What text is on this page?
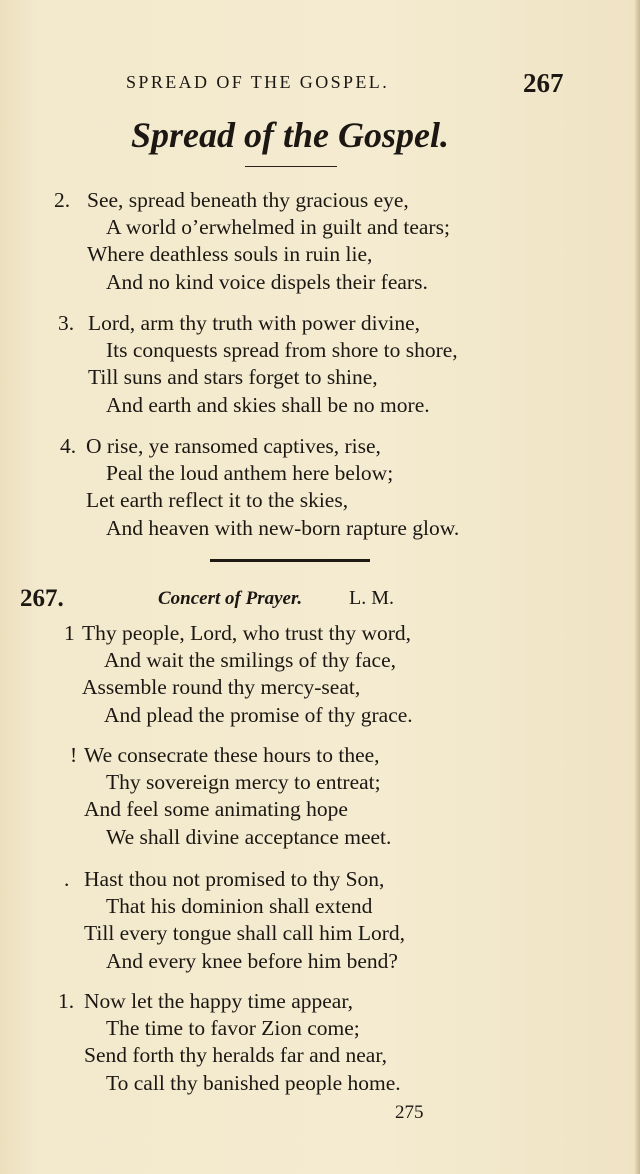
SPREAD OF THE GOSPEL.	267
Spread of the Gospel.
2. See, spread beneath thy gracious eye,
A world o’erwhelmed in guilt and tears;
Where deathless souls in ruin lie,
And no kind voice dispels their fears.
3. Lord, arm thy truth with power divine,
Its conquests spread from shore to shore,
Till suns and stars forget to shine,
And earth and skies shall be no more.
4. O rise, ye ransomed captives, rise,
Peal the loud anthem here below;
Let earth reflect it to the skies,
And heaven with new-born rapture glow.
267.	Concert of Prayer. L. M.
1 Thy people, Lord, who trust thy word,
And wait the smilings of thy face,
Assemble round thy mercy-seat,
And plead the promise of thy grace.
! We consecrate these hours to thee,
Thy sovereign mercy to entreat;
And feel some animating hope
We shall divine acceptance meet.
. Hast thou not promised to thy Son,
That his dominion shall extend
Till every tongue shall call him Lord,
And every knee before him bend?
1. Now let the happy time appear,
The time to favor Zion come;
Send forth thy heralds far and near,
To call thy banished people home.
275
